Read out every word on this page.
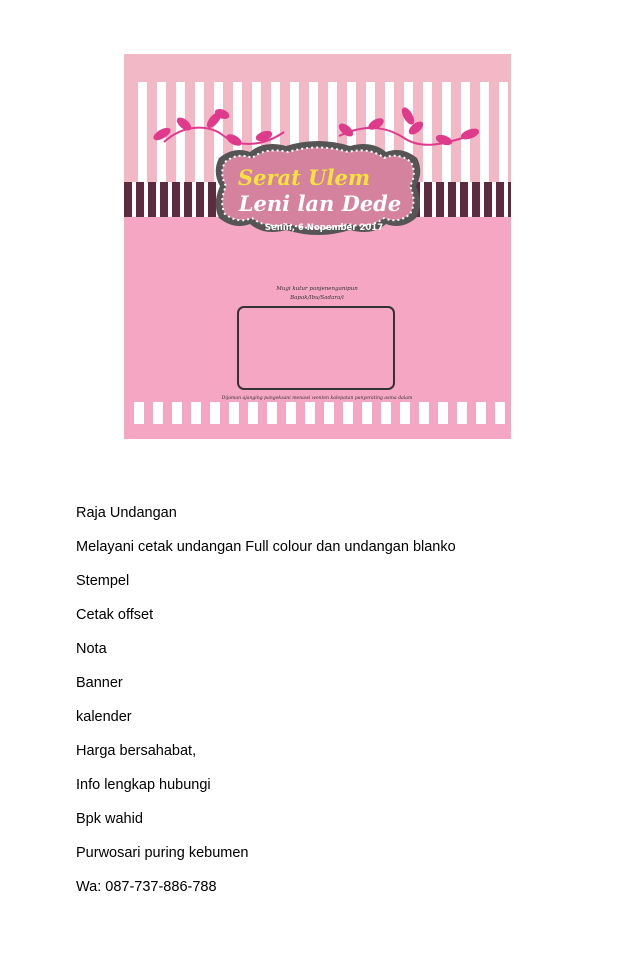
Serat Ulem
Leni lan Dede
Senin, 6 Nopember 2017
Mugi kutur panjenenganipun
Bapak/Ibu/Sadara/i
Dijaman ajanging pangeksani menawi wonten kalepatan panyerating asma dalam
Raja Undangan
Melayani cetak undangan Full colour dan undangan blanko
Stempel
Cetak offset
Nota
Banner
kalender
Harga bersahabat,
Info lengkap hubungi
Bpk wahid
Purwosari puring kebumen
Wa: 087-737-886-788
